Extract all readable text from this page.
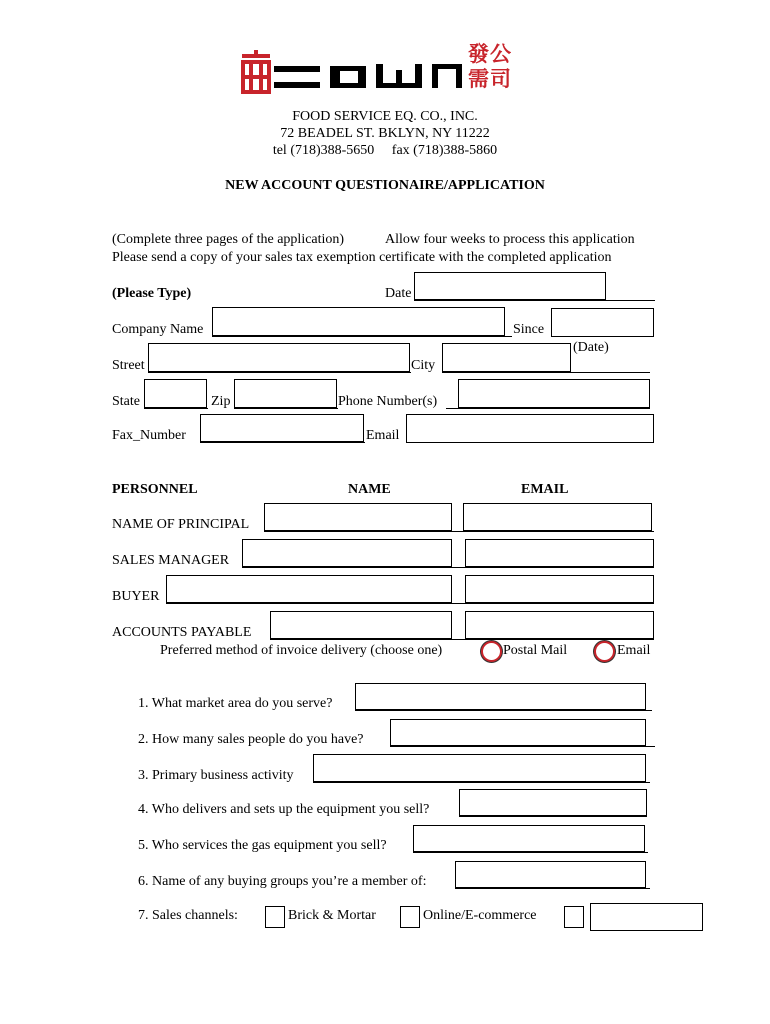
發公需司
FOOD SERVICE EQ. CO., INC.
72 BEADEL ST. BKLYN, NY 11222
tel (718)388-5650     fax (718)388-5860
NEW ACCOUNT QUESTIONAIRE/APPLICATION
(Complete three pages of the application)	Allow four weeks to process this application
Please send a copy of your sales tax exemption certificate with the completed application
(Please Type)	Date
Company Name	Since
(Date)
Street	City
State	Zip	Phone Number(s)
Fax_Number	Email
PERSONNEL	NAME	EMAIL
NAME OF PRINCIPAL
SALES MANAGER
BUYER
ACCOUNTS PAYABLE
Preferred method of invoice delivery (choose one)	Postal Mail	Email
1. What market area do you serve?
2. How many sales people do you have?
3. Primary business activity
4. Who delivers and sets up the equipment you sell?
5. Who services the gas equipment you sell?
6. Name of any buying groups you’re a member of:
7. Sales channels:	Brick & Mortar	Online/E-commerce
